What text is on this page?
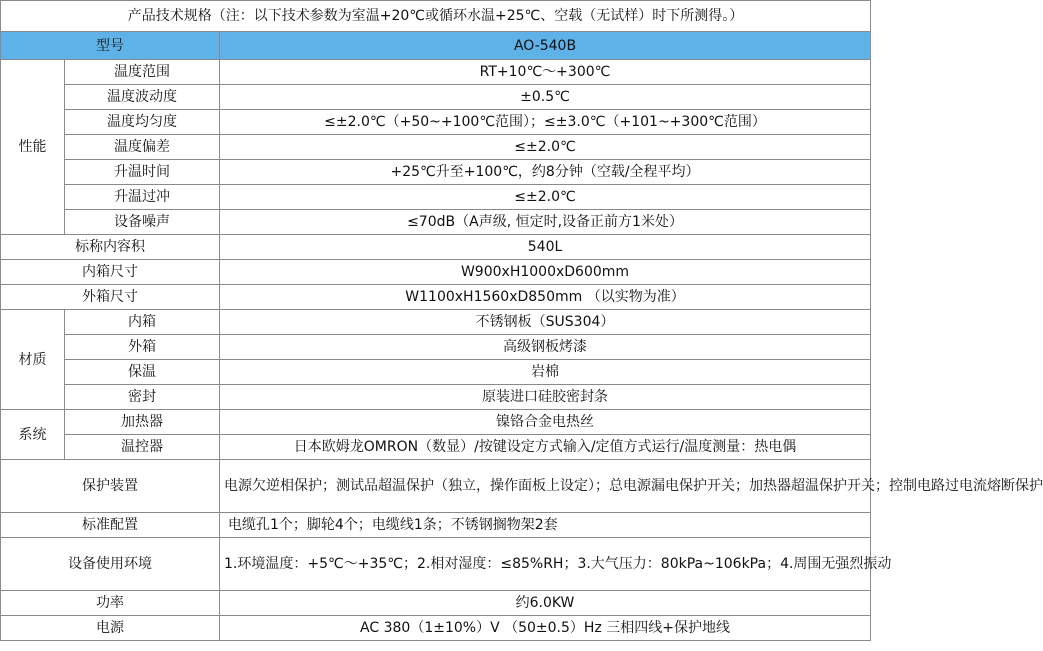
产品技术规格（注：以下技术参数为室温+20℃或循环水温+25℃、空载（无试样）时下所测得。）		
型号		AO-540B
性能	温度范围	RT+10℃～+300℃
	温度波动度	±0.5℃
	温度均匀度	≤±2.0℃（+50~+100℃范围）；≤±3.0℃（+101~+300℃范围）
	温度偏差	≤±2.0℃
	升温时间	+25℃升至+100℃，约8分钟（空载/全程平均）
	升温过冲	≤±2.0℃
	设备噪声	≤70dB（A声级, 恒定时,设备正前方1米处）
标称内容积		540L
内箱尺寸		W900xH1000xD600mm
外箱尺寸		W1100xH1560xD850mm （以实物为准）
材质	内箱	不锈钢板（SUS304）
	外箱	高级钢板烤漆
	保温	岩棉
	密封	原装进口硅胶密封条
系统	加热器	镍铬合金电热丝
	温控器	日本欧姆龙OMRON（数显）/按键设定方式输入/定值方式运行/温度测量：热电偶
保护装置		电源欠逆相保护；测试品超温保护（独立，操作面板上设定）；总电源漏电保护开关；加热器超温保护开关；控制电路过电流熔断保护
标准配置		电缆孔1个；脚轮4个；电缆线1条；不锈钢搁物架2套
设备使用环境		1.环境温度：+5℃～+35℃；2.相对湿度：≤85%RH；3.大气压力：80kPa~106kPa；4.周围无强烈振动
功率		约6.0KW
电源		AC 380（1±10%）V （50±0.5）Hz 三相四线+保护地线
